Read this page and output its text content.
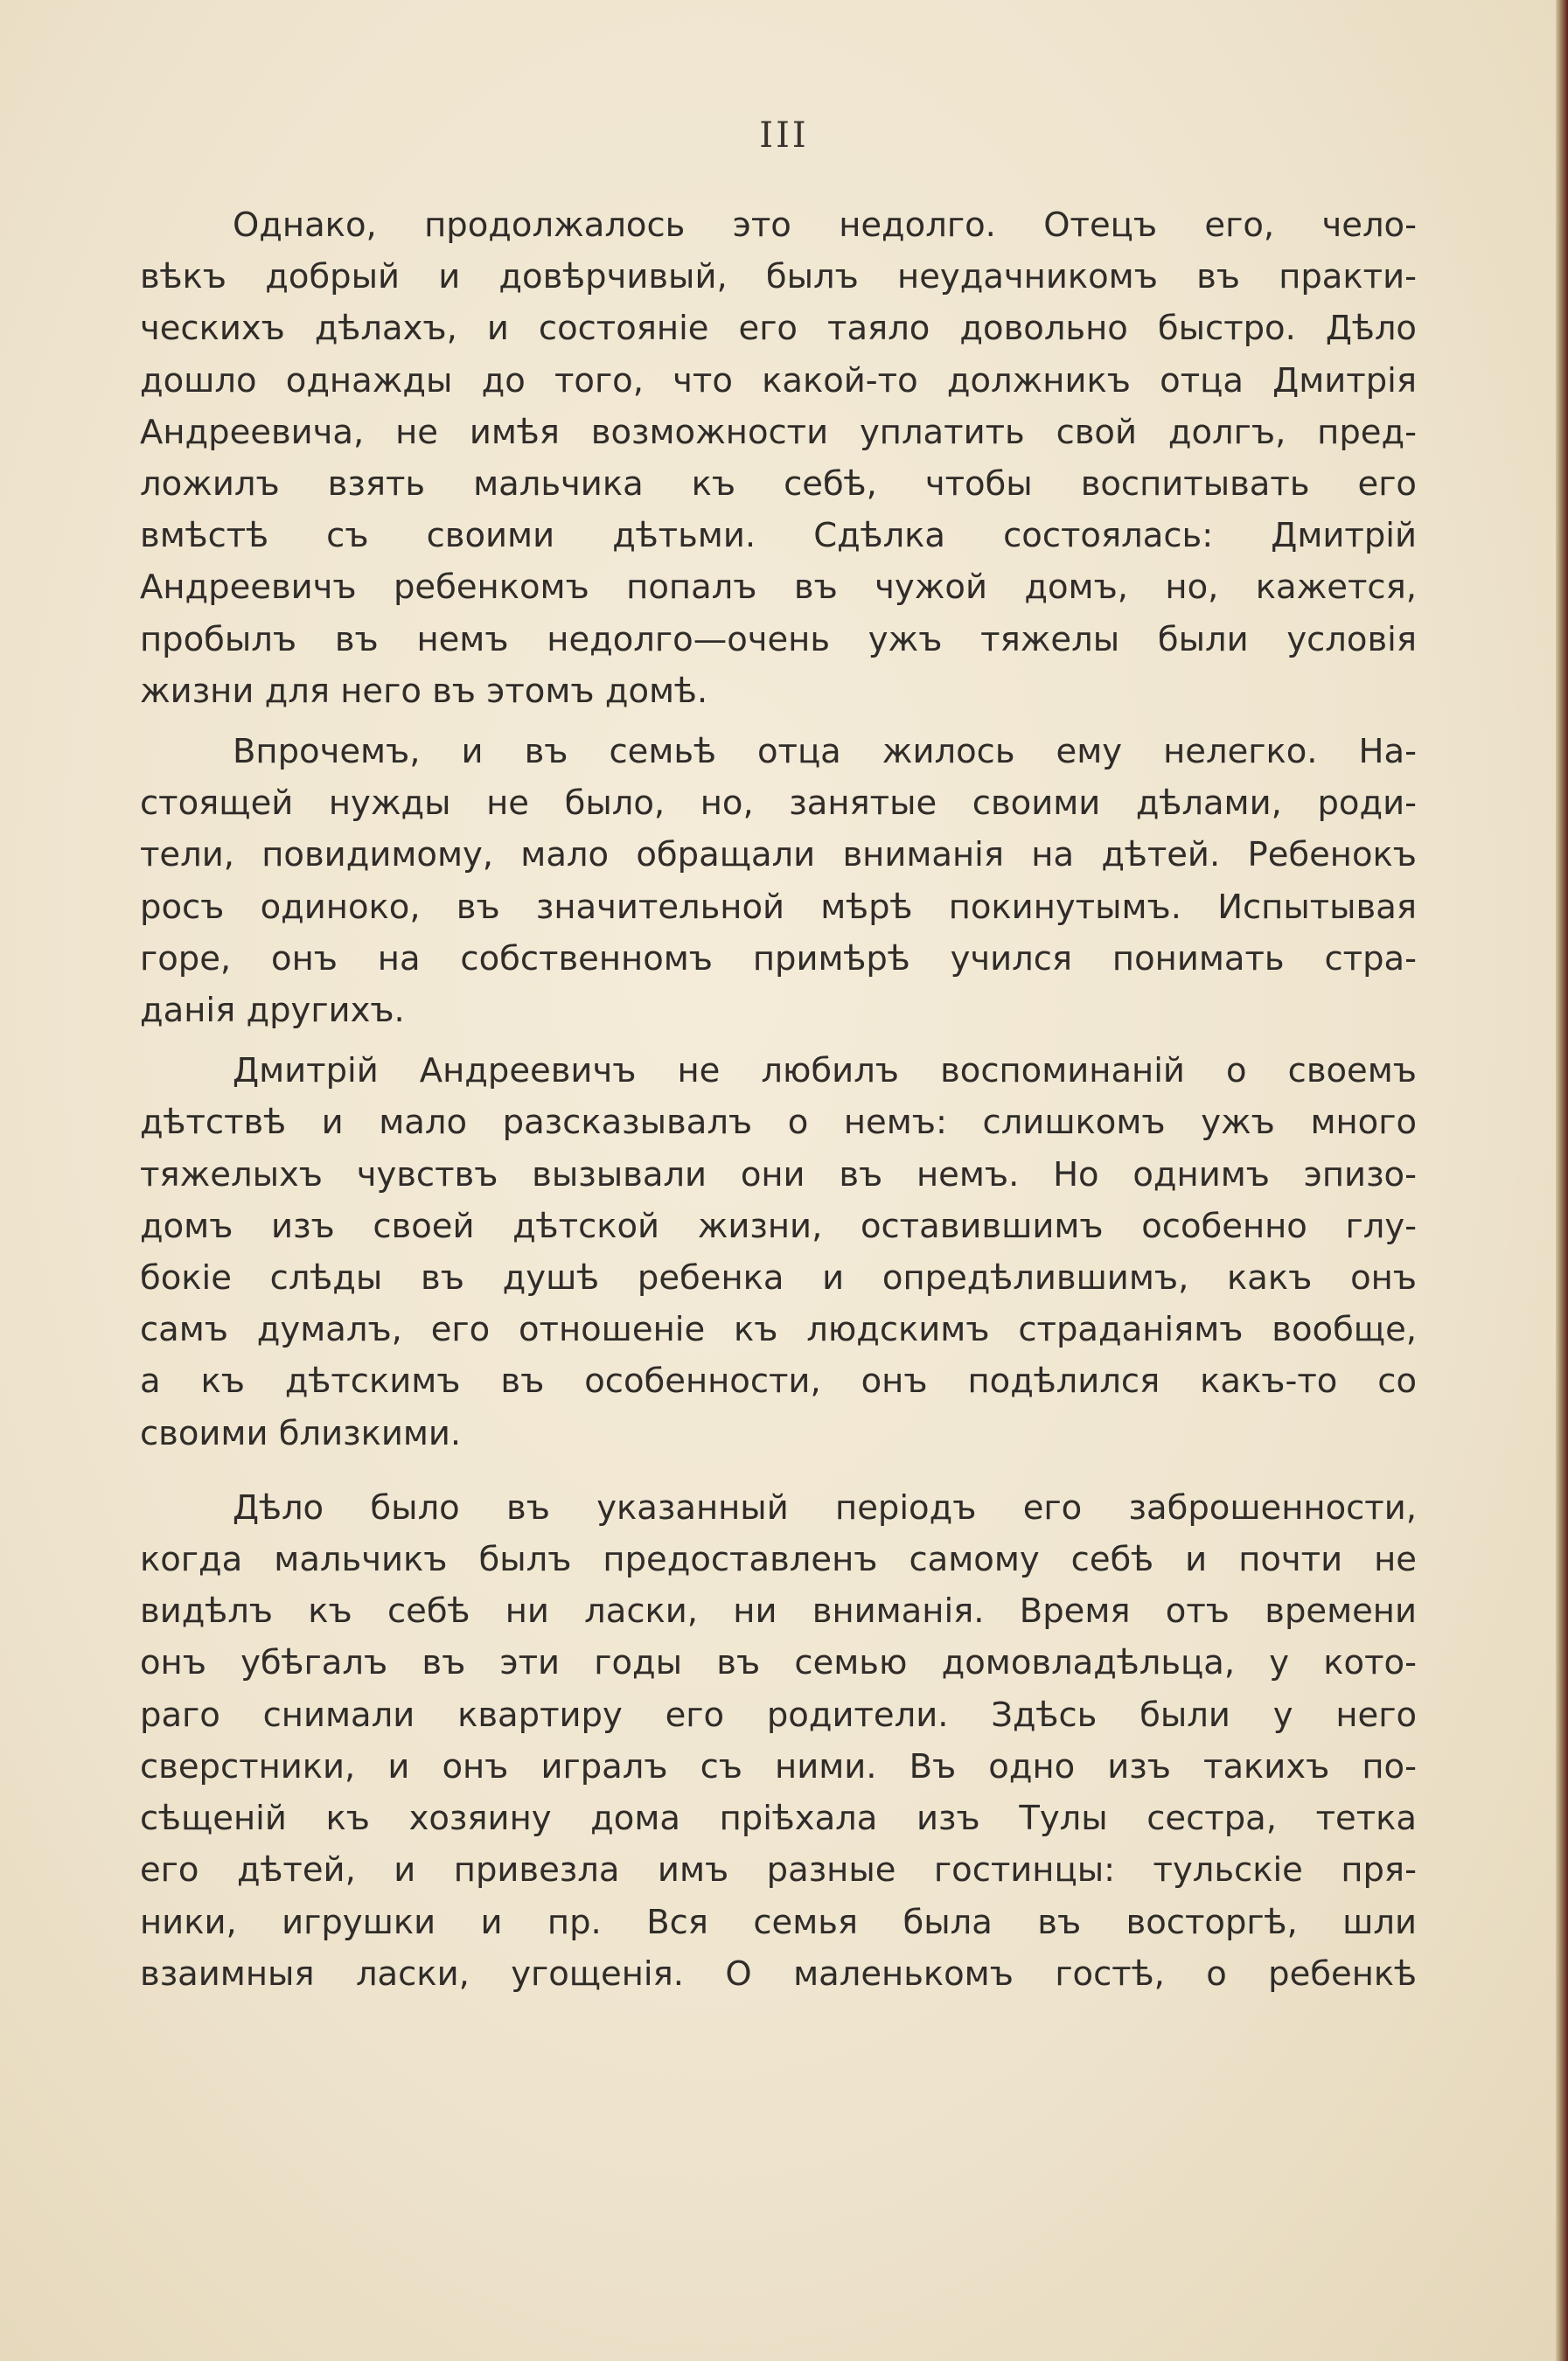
III

Однако, продолжалось это недолго. Отецъ его, чело-
вѣкъ добрый и довѣрчивый, былъ неудачникомъ въ практи-
ческихъ дѣлахъ, и состоянiе его таяло довольно быстро. Дѣло
дошло однажды до того, что какой-то должникъ отца Дмитрiя
Андреевича, не имѣя возможности уплатить свой долгъ, пред-
ложилъ взять мальчика къ себѣ, чтобы воспитывать его
вмѣстѣ съ своими дѣтьми. Сдѣлка состоялась: Дмитрiй
Андреевичъ ребенкомъ попалъ въ чужой домъ, но, кажется,
пробылъ въ немъ недолго—очень ужъ тяжелы были условiя
жизни для него въ этомъ домѣ.

Впрочемъ, и въ семьѣ отца жилось ему нелегко. На-
стоящей нужды не было, но, занятые своими дѣлами, роди-
тели, повидимому, мало обращали вниманiя на дѣтей. Ребенокъ
росъ одиноко, въ значительной мѣрѣ покинутымъ. Испытывая
горе, онъ на собственномъ примѣрѣ учился понимать стра-
данiя другихъ.

Дмитрiй Андреевичъ не любилъ воспоминанiй о своемъ
дѣтствѣ и мало разсказывалъ о немъ: слишкомъ ужъ много
тяжелыхъ чувствъ вызывали они въ немъ. Но однимъ эпизо-
домъ изъ своей дѣтской жизни, оставившимъ особенно глу-
бокiе слѣды въ душѣ ребенка и опредѣлившимъ, какъ онъ
самъ думалъ, его отношенiе къ людскимъ страданiямъ вообще,
а къ дѣтскимъ въ особенности, онъ подѣлился какъ-то со
своими близкими.

Дѣло было въ указанный перiодъ его заброшенности,
когда мальчикъ былъ предоставленъ самому себѣ и почти не
видѣлъ къ себѣ ни ласки, ни вниманiя. Время отъ времени
онъ убѣгалъ въ эти годы въ семью домовладѣльца, у кото-
раго снимали квартиру его родители. Здѣсь были у него
сверстники, и онъ игралъ съ ними. Въ одно изъ такихъ по-
сѣщенiй къ хозяину дома прiѣхала изъ Тулы сестра, тетка
его дѣтей, и привезла имъ разные гостинцы: тульскiе пря-
ники, игрушки и пр. Вся семья была въ восторгѣ, шли
взаимныя ласки, угощенiя. О маленькомъ гостѣ, о ребенкѣ
